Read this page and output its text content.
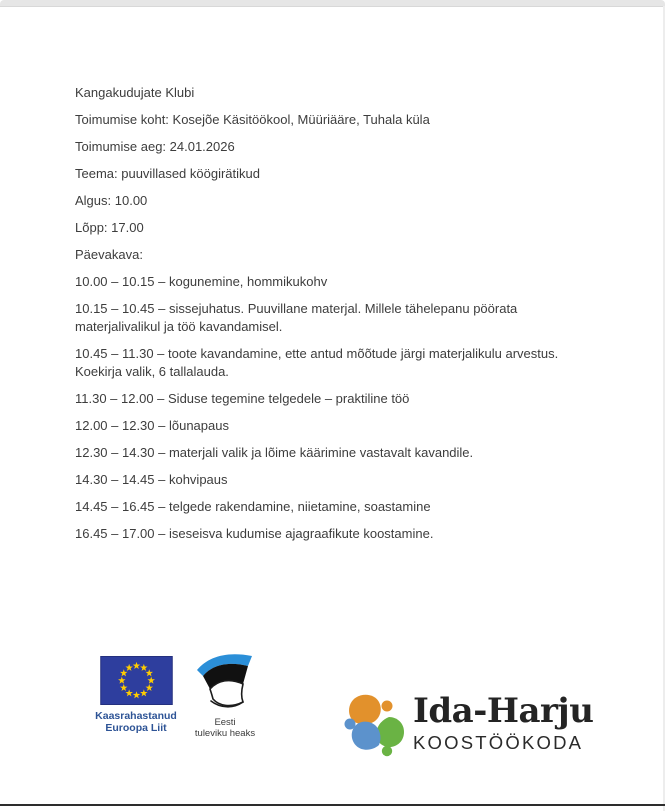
Kangakudujate Klubi

Toimumise koht: Kosejõe Käsitöökool, Müüriääre, Tuhala küla

Toimumise aeg: 24.01.2026

Teema: puuvillased köögirätikud

Algus: 10.00

Lõpp: 17.00

Päevakava:

10.00 – 10.15 – kogunemine, hommikukohv

10.15 – 10.45 – sissejuhatus. Puuvillane materjal. Millele tähelepanu pöörata materjalivalikul ja töö kavandamisel.

10.45 – 11.30 – toote kavandamine, ette antud mõõtude järgi materjalikulu arvestus. Koekirja valik, 6 tallalauda.

11.30 – 12.00 – Siduse tegemine telgedele – praktiline töö

12.00 – 12.30 – lõunapaus

12.30 – 14.30 – materjali valik ja lõime käärimine vastavalt kavandile.

14.30 – 14.45 – kohvipaus

14.45 – 16.45 – telgede rakendamine, niietamine, soastamine

16.45 – 17.00 – iseseisva kudumise ajagraafikute koostamine.

Kaasrahastanud
Euroopa Liit	Eesti
tuleviku heaks
Ida-Harju
KOOSTÖÖKODA
